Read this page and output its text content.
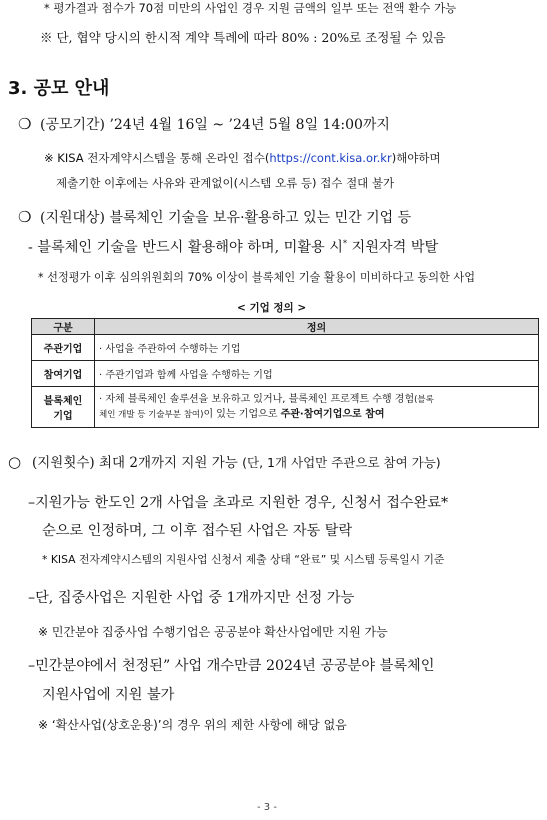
* 평가결과 점수가 70점 미만의 사업인 경우 지원 금액의 일부 또는 전액 환수 가능
※ 단, 협약 당시의 한시적 계약 특례에 따라 80% : 20%로 조정될 수 있음
3. 공모 안내
❍ (공모기간) ’24년 4월 16일 ~ ’24년 5월 8일 14:00까지
※ KISA 전자계약시스템을 통해 온라인 접수(https://cont.kisa.or.kr)해야하며
제출기한 이후에는 사유와 관계없이(시스템 오류 등) 접수 절대 불가
❍ (지원대상) 블록체인 기술을 보유·활용하고 있는 민간 기업 등
- 블록체인 기술을 반드시 활용해야 하며, 미활용 시* 지원자격 박탈
* 선정평가 이후 심의위원회의 70% 이상이 블록체인 기술 활용이 미비하다고 동의한 사업
< 기업 정의 >
구분	정의
주관기업	· 사업을 주관하여 수행하는 기업
참여기업	· 주관기업과 함께 사업을 수행하는 기업
블록체인
기업	· 자체 블록체인 솔루션을 보유하고 있거나, 블록체인 프로젝트 수행 경험(블록
체인 개발 등 기술부분 참여)이 있는 기업으로 주관·참여기업으로 참여
○ (지원횟수) 최대 2개까지 지원 가능 (단, 1개 사업만 주관으로 참여 가능)
–지원가능 한도인 2개 사업을 초과로 지원한 경우, 신청서 접수완료*
순으로 인정하며, 그 이후 접수된 사업은 자동 탈락
* KISA 전자계약시스템의 지원사업 신청서 제출 상태 “완료” 및 시스템 등록일시 기준
–단, 집중사업은 지원한 사업 중 1개까지만 선정 가능
※ 민간분야 집중사업 수행기업은 공공분야 확산사업에만 지원 가능
–민간분야에서 천정된” 사업 개수만큼 2024년 공공분야 블록체인
지원사업에 지원 불가
※ ‘확산사업(상호운용)’의 경우 위의 제한 사항에 해당 없음
- 3 -
